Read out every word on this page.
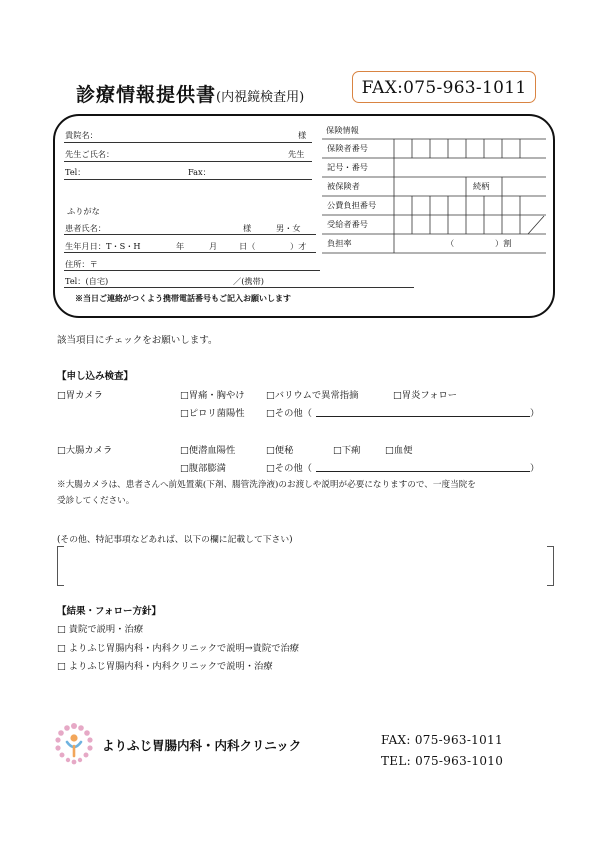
診療情報提供書(内視鏡検査用)	FAX:075-963-1011
貴院名：	様
先生ご氏名：	先生
Tel：	Fax：
ふりがな
患者氏名：	様	男・女
生年月日：T・S・H	年	月	日（	）才
住所：〒
Tel：(自宅)	／(携帯)
※当日ご連絡がつくよう携帯電話番号もご記入お願いします
保険情報
保険者番号
記号・番号
被保険者	続柄
公費負担番号
受給者番号
負担率	（	）割
該当項目にチェックをお願いします。
【申し込み検査】
□胃カメラ	□胃痛・胸やけ □バリウムで異常指摘	□胃炎フォロー
□ピロリ菌陽性 □その他（	）
□大腸カメラ	□便潜血陽性	□便秘	□下痢	□血便
□腹部膨満	□その他（	）
※大腸カメラは、患者さんへ前処置薬(下剤、腸管洗浄液)のお渡しや説明が必要になりますので、一度当院を
受診してください。
(その他、特記事項などあれば、以下の欄に記載して下さい)
【結果・フォロー方針】
□ 貴院で説明・治療
□ よりふじ胃腸内科・内科クリニックで説明→貴院で治療
□ よりふじ胃腸内科・内科クリニックで説明・治療
よりふじ胃腸内科・内科クリニック	FAX: 075-963-1011
TEL: 075-963-1010
